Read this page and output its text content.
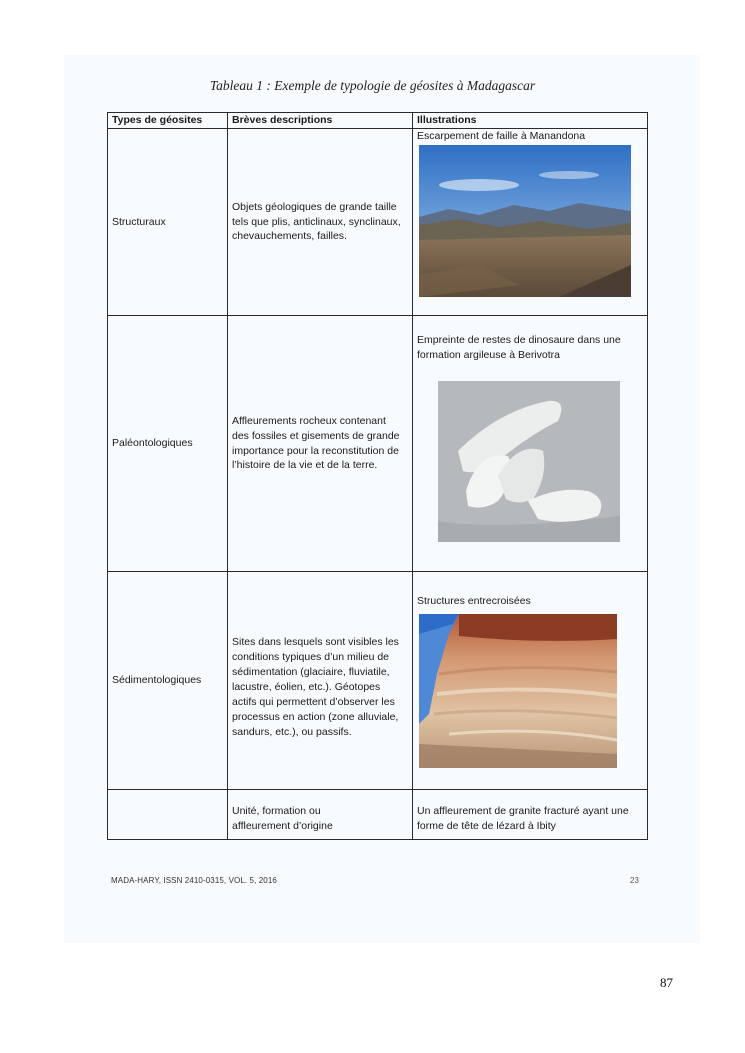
Tableau 1 : Exemple de typologie de géosites à Madagascar
Types de géosites	Brèves descriptions	Illustrations
Structuraux	Objets géologiques de grande taille tels que plis, anticlinaux, synclinaux, chevauchements, failles.	Escarpement de faille à Manandona

Paléontologiques	Affleurements rocheux contenant des fossiles et gisements de grande importance pour la reconstitution de l’histoire de la vie et de la terre.	Empreinte de restes de dinosaure dans une formation argileuse à Berivotra

Sédimentologiques	Sites dans lesquels sont visibles les conditions typiques d’un milieu de sédimentation (glaciaire, fluviatile, lacustre, éolien, etc.). Géotopes actifs qui permettent d’observer les processus en action (zone alluviale, sandurs, etc.), ou passifs.	Structures entrecroisées

	Unité, formation ou affleurement d’origine	Un affleurement de granite fracturé ayant une forme de tête de lézard à Ibity
MADA-HARY, ISSN 2410-0315, VOL. 5, 2016	23
87
